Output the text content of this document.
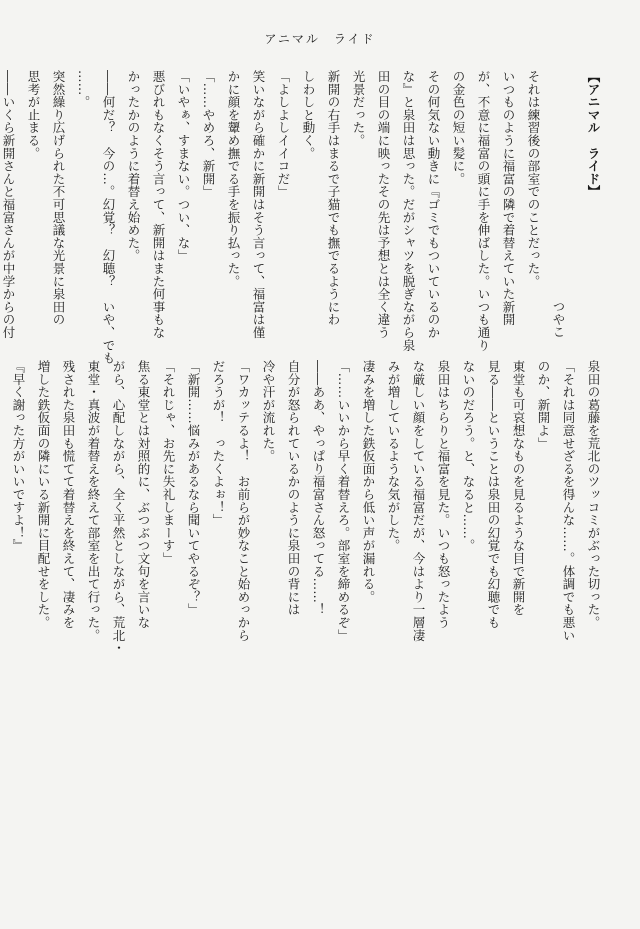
アニマル　ライド
【アニマル　ライド】
つやこ
それは練習後の部室でのことだった。
いつものように福富の隣で着替えていた新開
が、不意に福富の頭に手を伸ばした。いつも通り
の金色の短い髪に。
その何気ない動きに『ゴミでもついているのか
な』と泉田は思った。だがシャツを脱ぎながら泉
田の目の端に映ったその先は予想とは全く違う
光景だった。
新開の右手はまるで子猫でも撫でるようにわ
しわしと動く。
「よしよしイイコだ」
笑いながら確かに新開はそう言って、福富は僅
かに顔を顰め撫でる手を振り払った。
「……やめろ、新開」
「いやぁ、すまない。つい、な」
悪びれもなくそう言って、新開はまた何事もな
かったかのように着替え始めた。
――何だ？　今の…。幻覚？　幻聴？　いや、でも
……。
突然繰り広げられた不可思議な光景に泉田の
思考が止まる。
――いくら新開さんと福富さんが中学からの付
泉田の葛藤を荒北のツッコミがぶった切った。
「それは同意せざるを得んな……。体調でも悪い
のか、新開よ」
東堂も可哀想なものを見るような目で新開を
見る――ということは泉田の幻覚でも幻聴でも
ないのだろう。と、なると……。
泉田はちらりと福富を見た。いつも怒ったよう
な厳しい顔をしている福富だが、今はより一層凄
みが増しているような気がした。
凄みを増した鉄仮面から低い声が漏れる。
「……いいから早く着替えろ。部室を締めるぞ」
――ああ、やっぱり福富さん怒ってる……！
自分が怒られているかのように泉田の背には
冷や汗が流れた。
「ワカッテるよ！　お前らが妙なこと始めっから
だろうが！　ったくよぉ！」
「新開……悩みがあるなら聞いてやるぞ？」
「それじゃ、お先に失礼しまーす」
焦る東堂とは対照的に、ぶつぶつ文句を言いな
がら、心配しながら、全く平然としながら、荒北・
東堂・真波が着替えを終えて部室を出て行った。
残された泉田も慌てて着替えを終えて、凄みを
増した鉄仮面の隣にいる新開に目配せをした。
『早く謝った方がいいですよ！』
